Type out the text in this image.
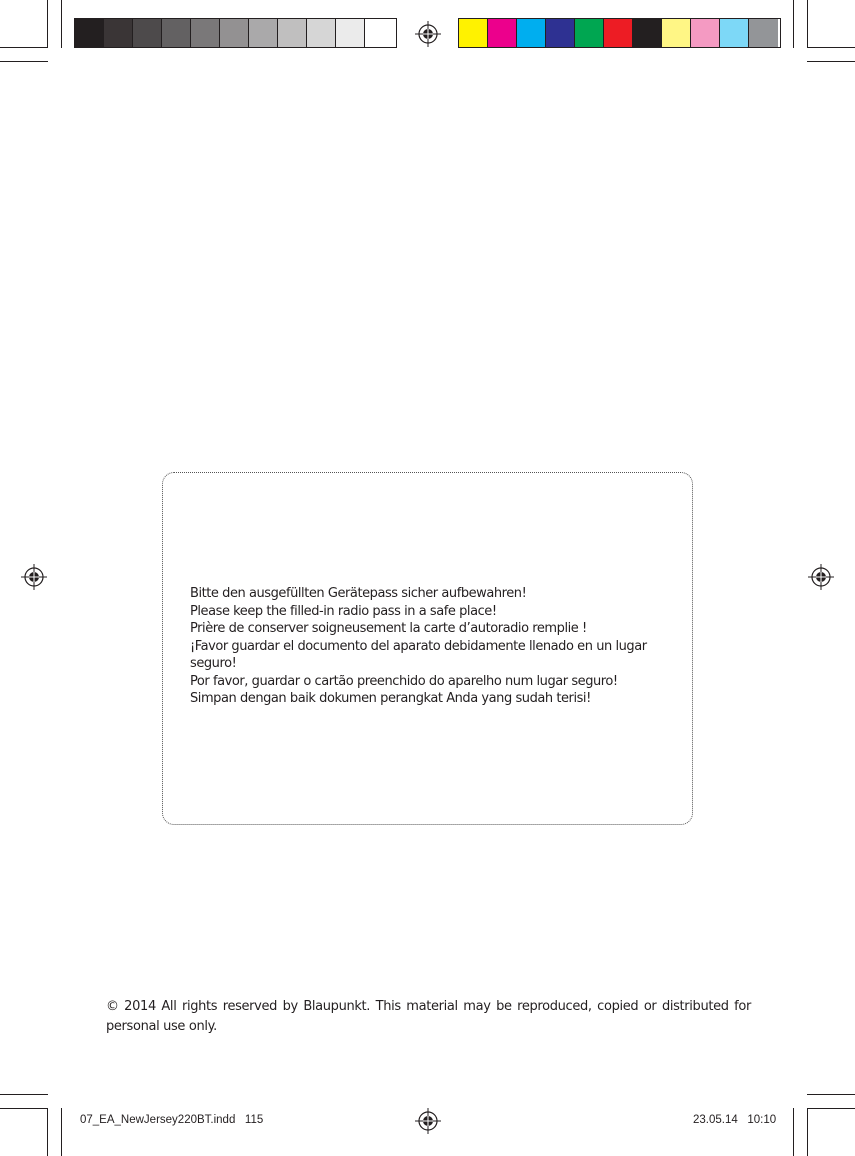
Bitte den ausgefüllten Gerätepass sicher aufbewahren!
Please keep the filled-in radio pass in a safe place!
Prière de conserver soigneusement la carte d’autoradio remplie !
¡Favor guardar el documento del aparato debidamente llenado en un lugar seguro!
Por favor, guardar o cartão preenchido do aparelho num lugar seguro!
Simpan dengan baik dokumen perangkat Anda yang sudah terisi!
© 2014 All rights reserved by Blaupunkt. This material may be reproduced, copied or distributed for personal use only.
07_EA_NewJersey220BT.indd   115	23.05.14   10:10
